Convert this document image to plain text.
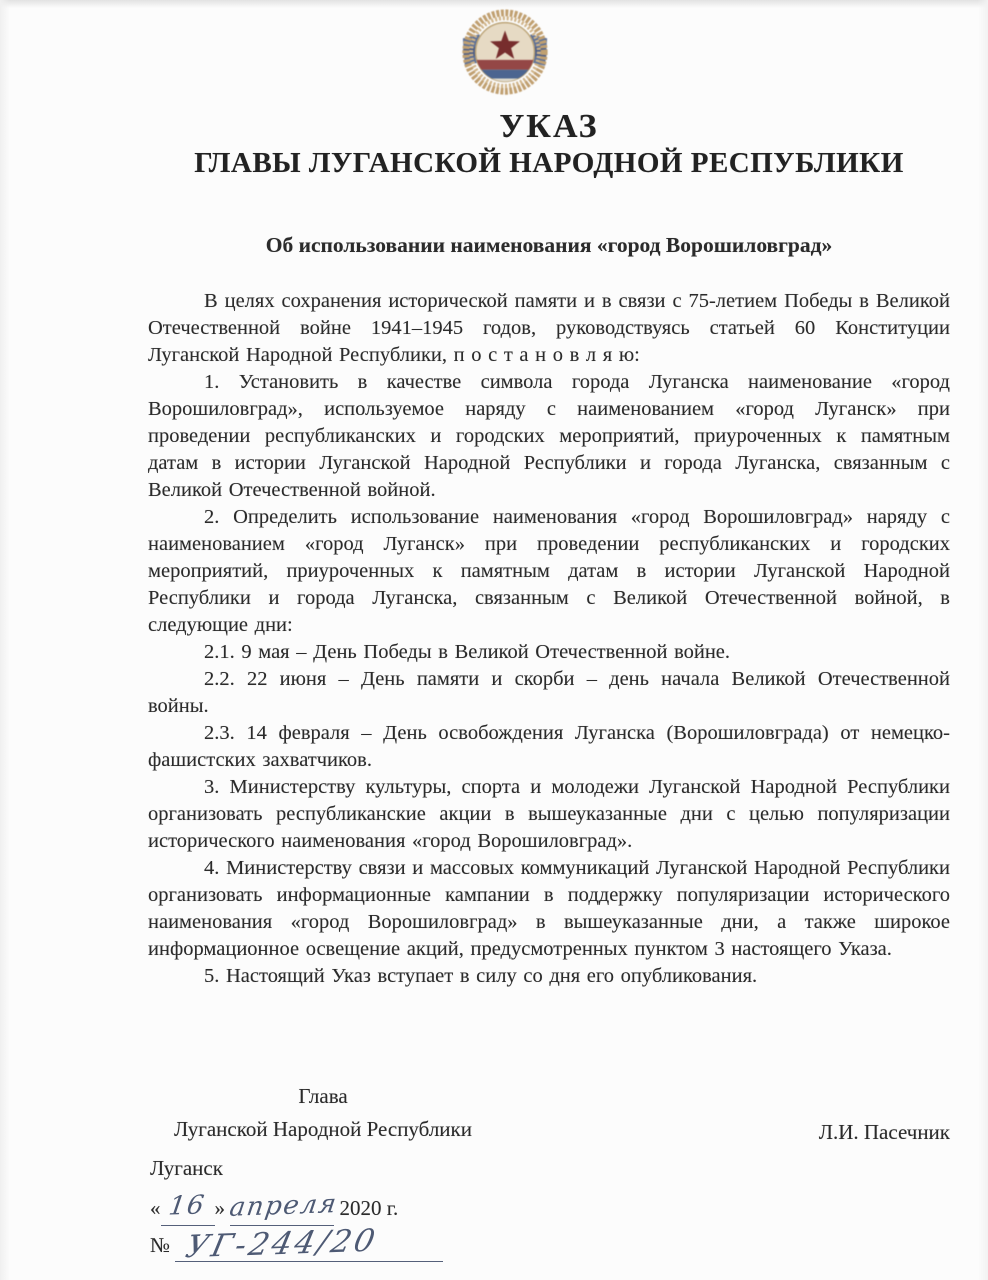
УКАЗ
ГЛАВЫ ЛУГАНСКОЙ НАРОДНОЙ РЕСПУБЛИКИ
Об использовании наименования «город Ворошиловград»

В целях сохранения исторической памяти и в связи с 75-летием Победы в Великой Отечественной войне 1941–1945 годов, руководствуясь статьей 60 Конституции Луганской Народной Республики, п о с т а н о в л я ю:

1. Установить в качестве символа города Луганска наименование «город Ворошиловград», используемое наряду с наименованием «город Луганск» при проведении республиканских и городских мероприятий, приуроченных к памятным датам в истории Луганской Народной Республики и города Луганска, связанным с Великой Отечественной войной.

2. Определить использование наименования «город Ворошиловград» наряду с наименованием «город Луганск» при проведении республиканских и городских мероприятий, приуроченных к памятным датам в истории Луганской Народной Республики и города Луганска, связанным с Великой Отечественной войной, в следующие дни:

2.1. 9 мая – День Победы в Великой Отечественной войне.

2.2. 22 июня – День памяти и скорби – день начала Великой Отечественной войны.

2.3. 14 февраля – День освобождения Луганска (Ворошиловграда) от немецко-фашистских захватчиков.

3. Министерству культуры, спорта и молодежи Луганской Народной Республики организовать республиканские акции в вышеуказанные дни с целью популяризации исторического наименования «город Ворошиловград».

4. Министерству связи и массовых коммуникаций Луганской Народной Республики организовать информационные кампании в поддержку популяризации исторического наименования «город Ворошиловград» в вышеуказанные дни, а также широкое информационное освещение акций, предусмотренных пунктом 3 настоящего Указа.

5. Настоящий Указ вступает в силу со дня его опубликования.

Глава
Луганской Народной Республики	Л.И. Пасечник
Луганск
« 16 » апреля 2020 г.
№ УГ-244/20
